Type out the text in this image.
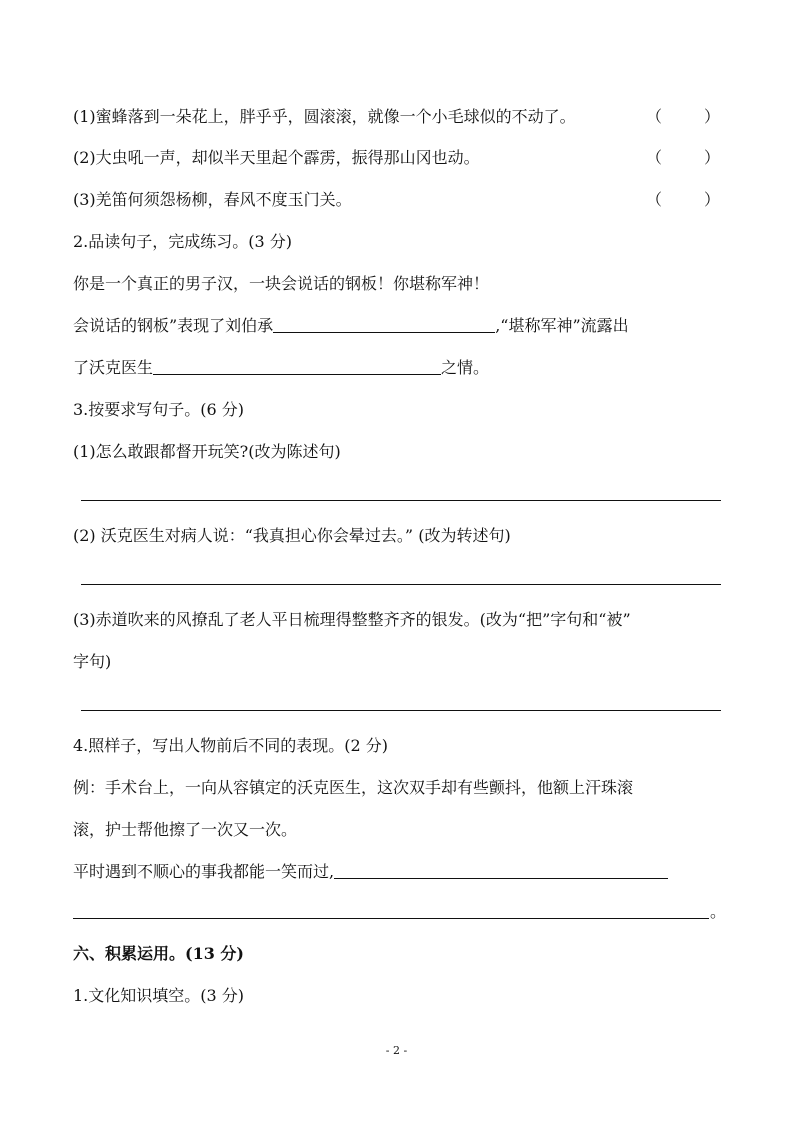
(1)蜜蜂落到一朵花上，胖乎乎，圆滚滚，就像一个小毛球似的不动了。	（	）
(2)大虫吼一声，却似半天里起个霹雳，振得那山冈也动。	（	）
(3)羌笛何须怨杨柳，春风不度玉门关。	（	）
2.品读句子，完成练习。(3 分)
你是一个真正的男子汉，一块会说话的钢板！你堪称军神！
会说话的钢板”表现了刘伯承	,“堪称军神”流露出
了沃克医生	之情。
3.按要求写句子。(6 分)
(1)怎么敢跟都督开玩笑?(改为陈述句)
(2) 沃克医生对病人说：“我真担心你会晕过去。” (改为转述句)
(3)赤道吹来的风撩乱了老人平日梳理得整整齐齐的银发。(改为“把”字句和“被”
字句)
4.照样子，写出人物前后不同的表现。(2 分)
例：手术台上，一向从容镇定的沃克医生，这次双手却有些颤抖，他额上汗珠滚
滚，护士帮他擦了一次又一次。
平时遇到不顺心的事我都能一笑而过,
。
六、积累运用。(13 分)
1.文化知识填空。(3 分)
- 2 -
